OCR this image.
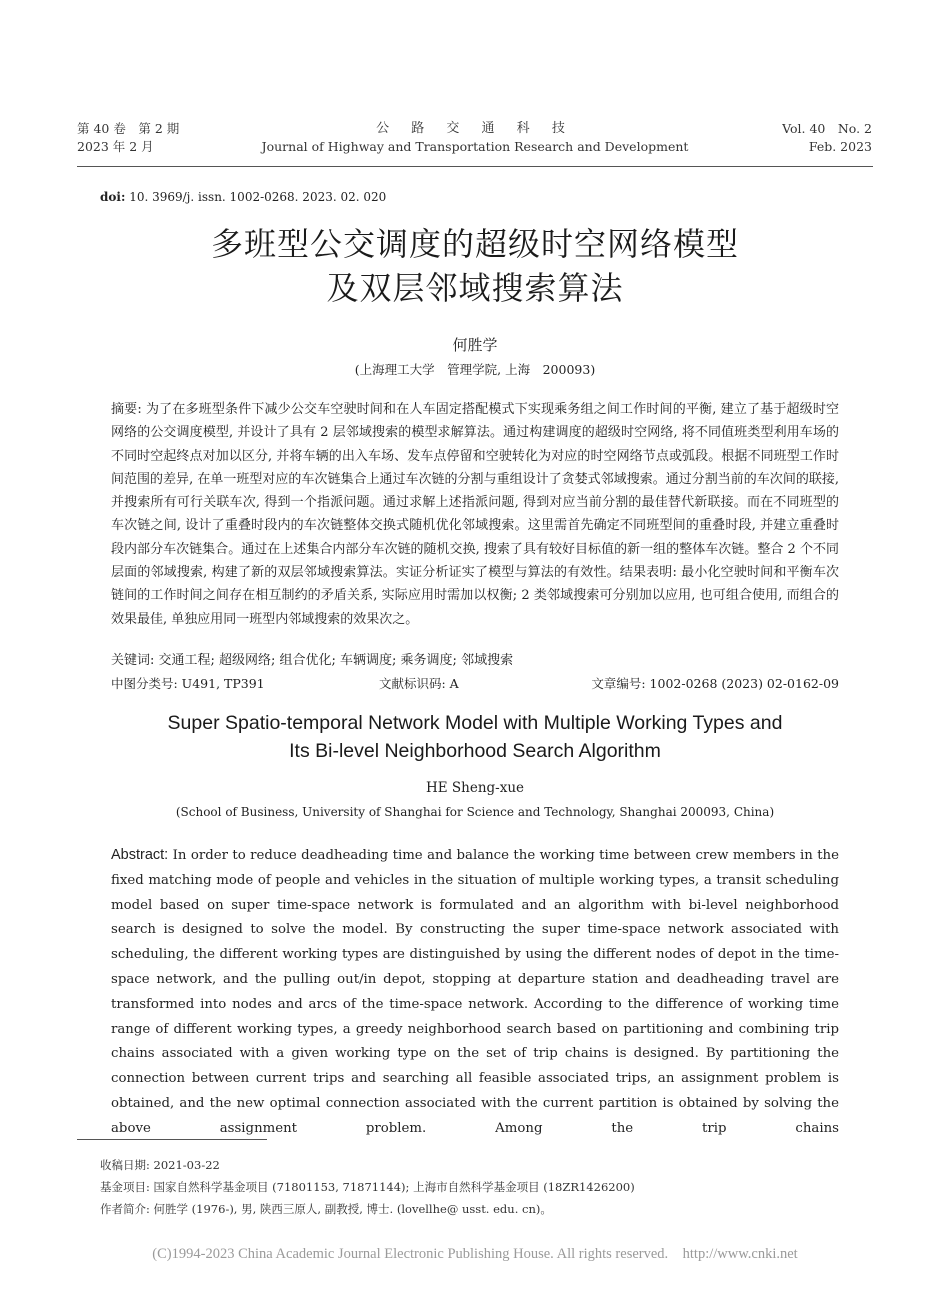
第 40 卷　第 2 期
2023 年 2 月
公 路 交 通 科 技
Journal of Highway and Transportation Research and Development
Vol. 40　No. 2
Feb. 2023
doi: 10. 3969/j. issn. 1002-0268. 2023. 02. 020
多班型公交调度的超级时空网络模型
及双层邻域搜索算法
何胜学
(上海理工大学　管理学院, 上海　200093)
摘要: 为了在多班型条件下减少公交车空驶时间和在人车固定搭配模式下实现乘务组之间工作时间的平衡, 建立了基于超级时空网络的公交调度模型, 并设计了具有 2 层邻域搜索的模型求解算法。通过构建调度的超级时空网络, 将不同值班类型利用车场的不同时空起终点对加以区分, 并将车辆的出入车场、发车点停留和空驶转化为对应的时空网络节点或弧段。根据不同班型工作时间范围的差异, 在单一班型对应的车次链集合上通过车次链的分割与重组设计了贪婪式邻域搜索。通过分割当前的车次间的联接, 并搜索所有可行关联车次, 得到一个指派问题。通过求解上述指派问题, 得到对应当前分割的最佳替代新联接。而在不同班型的车次链之间, 设计了重叠时段内的车次链整体交换式随机优化邻域搜索。这里需首先确定不同班型间的重叠时段, 并建立重叠时段内部分车次链集合。通过在上述集合内部分车次链的随机交换, 搜索了具有较好目标值的新一组的整体车次链。整合 2 个不同层面的邻域搜索, 构建了新的双层邻域搜索算法。实证分析证实了模型与算法的有效性。结果表明: 最小化空驶时间和平衡车次链间的工作时间之间存在相互制约的矛盾关系, 实际应用时需加以权衡; 2 类邻域搜索可分别加以应用, 也可组合使用, 而组合的效果最佳, 单独应用同一班型内邻域搜索的效果次之。
关键词: 交通工程; 超级网络; 组合优化; 车辆调度; 乘务调度; 邻域搜索
中图分类号: U491, TP391	文献标识码: A	文章编号: 1002-0268 (2023) 02-0162-09
Super Spatio-temporal Network Model with Multiple Working Types and
Its Bi-level Neighborhood Search Algorithm
HE Sheng-xue
(School of Business, University of Shanghai for Science and Technology, Shanghai 200093, China)
Abstract: In order to reduce deadheading time and balance the working time between crew members in the fixed matching mode of people and vehicles in the situation of multiple working types, a transit scheduling model based on super time-space network is formulated and an algorithm with bi-level neighborhood search is designed to solve the model. By constructing the super time-space network associated with scheduling, the different working types are distinguished by using the different nodes of depot in the time-space network, and the pulling out/in depot, stopping at departure station and deadheading travel are transformed into nodes and arcs of the time-space network. According to the difference of working time range of different working types, a greedy neighborhood search based on partitioning and combining trip chains associated with a given working type on the set of trip chains is designed. By partitioning the connection between current trips and searching all feasible associated trips, an assignment problem is obtained, and the new optimal connection associated with the current partition is obtained by solving the above assignment problem. Among the trip chains
收稿日期: 2021-03-22
基金项目: 国家自然科学基金项目 (71801153, 71871144); 上海市自然科学基金项目 (18ZR1426200)
作者简介: 何胜学 (1976-), 男, 陕西三原人, 副教授, 博士. (lovellhe@ usst. edu. cn)。
(C)1994-2023 China Academic Journal Electronic Publishing House. All rights reserved.　http://www.cnki.net
